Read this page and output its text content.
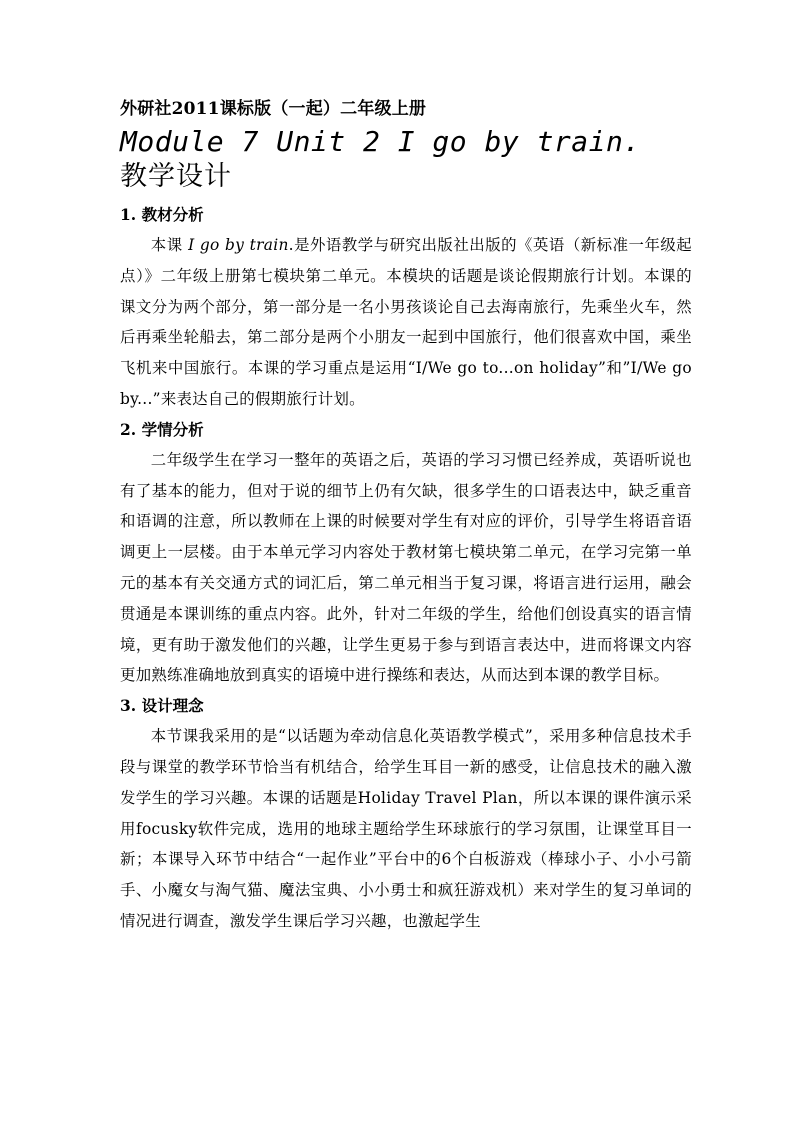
外研社2011课标版（一起）二年级上册

Module 7 Unit 2 I go by train.

教学设计

1. 教材分析

本课 I go by train.是外语教学与研究出版社出版的《英语（新标准一年级起点）》二年级上册第七模块第二单元。本模块的话题是谈论假期旅行计划。本课的课文分为两个部分，第一部分是一名小男孩谈论自己去海南旅行，先乘坐火车，然后再乘坐轮船去，第二部分是两个小朋友一起到中国旅行，他们很喜欢中国，乘坐飞机来中国旅行。本课的学习重点是运用“I/We go to...on holiday”和”I/We go by...”来表达自己的假期旅行计划。

2. 学情分析

二年级学生在学习一整年的英语之后，英语的学习习惯已经养成，英语听说也有了基本的能力，但对于说的细节上仍有欠缺，很多学生的口语表达中，缺乏重音和语调的注意，所以教师在上课的时候要对学生有对应的评价，引导学生将语音语调更上一层楼。由于本单元学习内容处于教材第七模块第二单元，在学习完第一单元的基本有关交通方式的词汇后，第二单元相当于复习课，将语言进行运用，融会贯通是本课训练的重点内容。此外，针对二年级的学生，给他们创设真实的语言情境，更有助于激发他们的兴趣，让学生更易于参与到语言表达中，进而将课文内容更加熟练准确地放到真实的语境中进行操练和表达，从而达到本课的教学目标。

3. 设计理念

本节课我采用的是“以话题为牵动信息化英语教学模式”，采用多种信息技术手段与课堂的教学环节恰当有机结合，给学生耳目一新的感受，让信息技术的融入激发学生的学习兴趣。本课的话题是Holiday Travel Plan，所以本课的课件演示采用focusky软件完成，选用的地球主题给学生环球旅行的学习氛围，让课堂耳目一新；本课导入环节中结合“一起作业”平台中的6个白板游戏（棒球小子、小小弓箭手、小魔女与淘气猫、魔法宝典、小小勇士和疯狂游戏机）来对学生的复习单词的情况进行调查，激发学生课后学习兴趣，也激起学生
